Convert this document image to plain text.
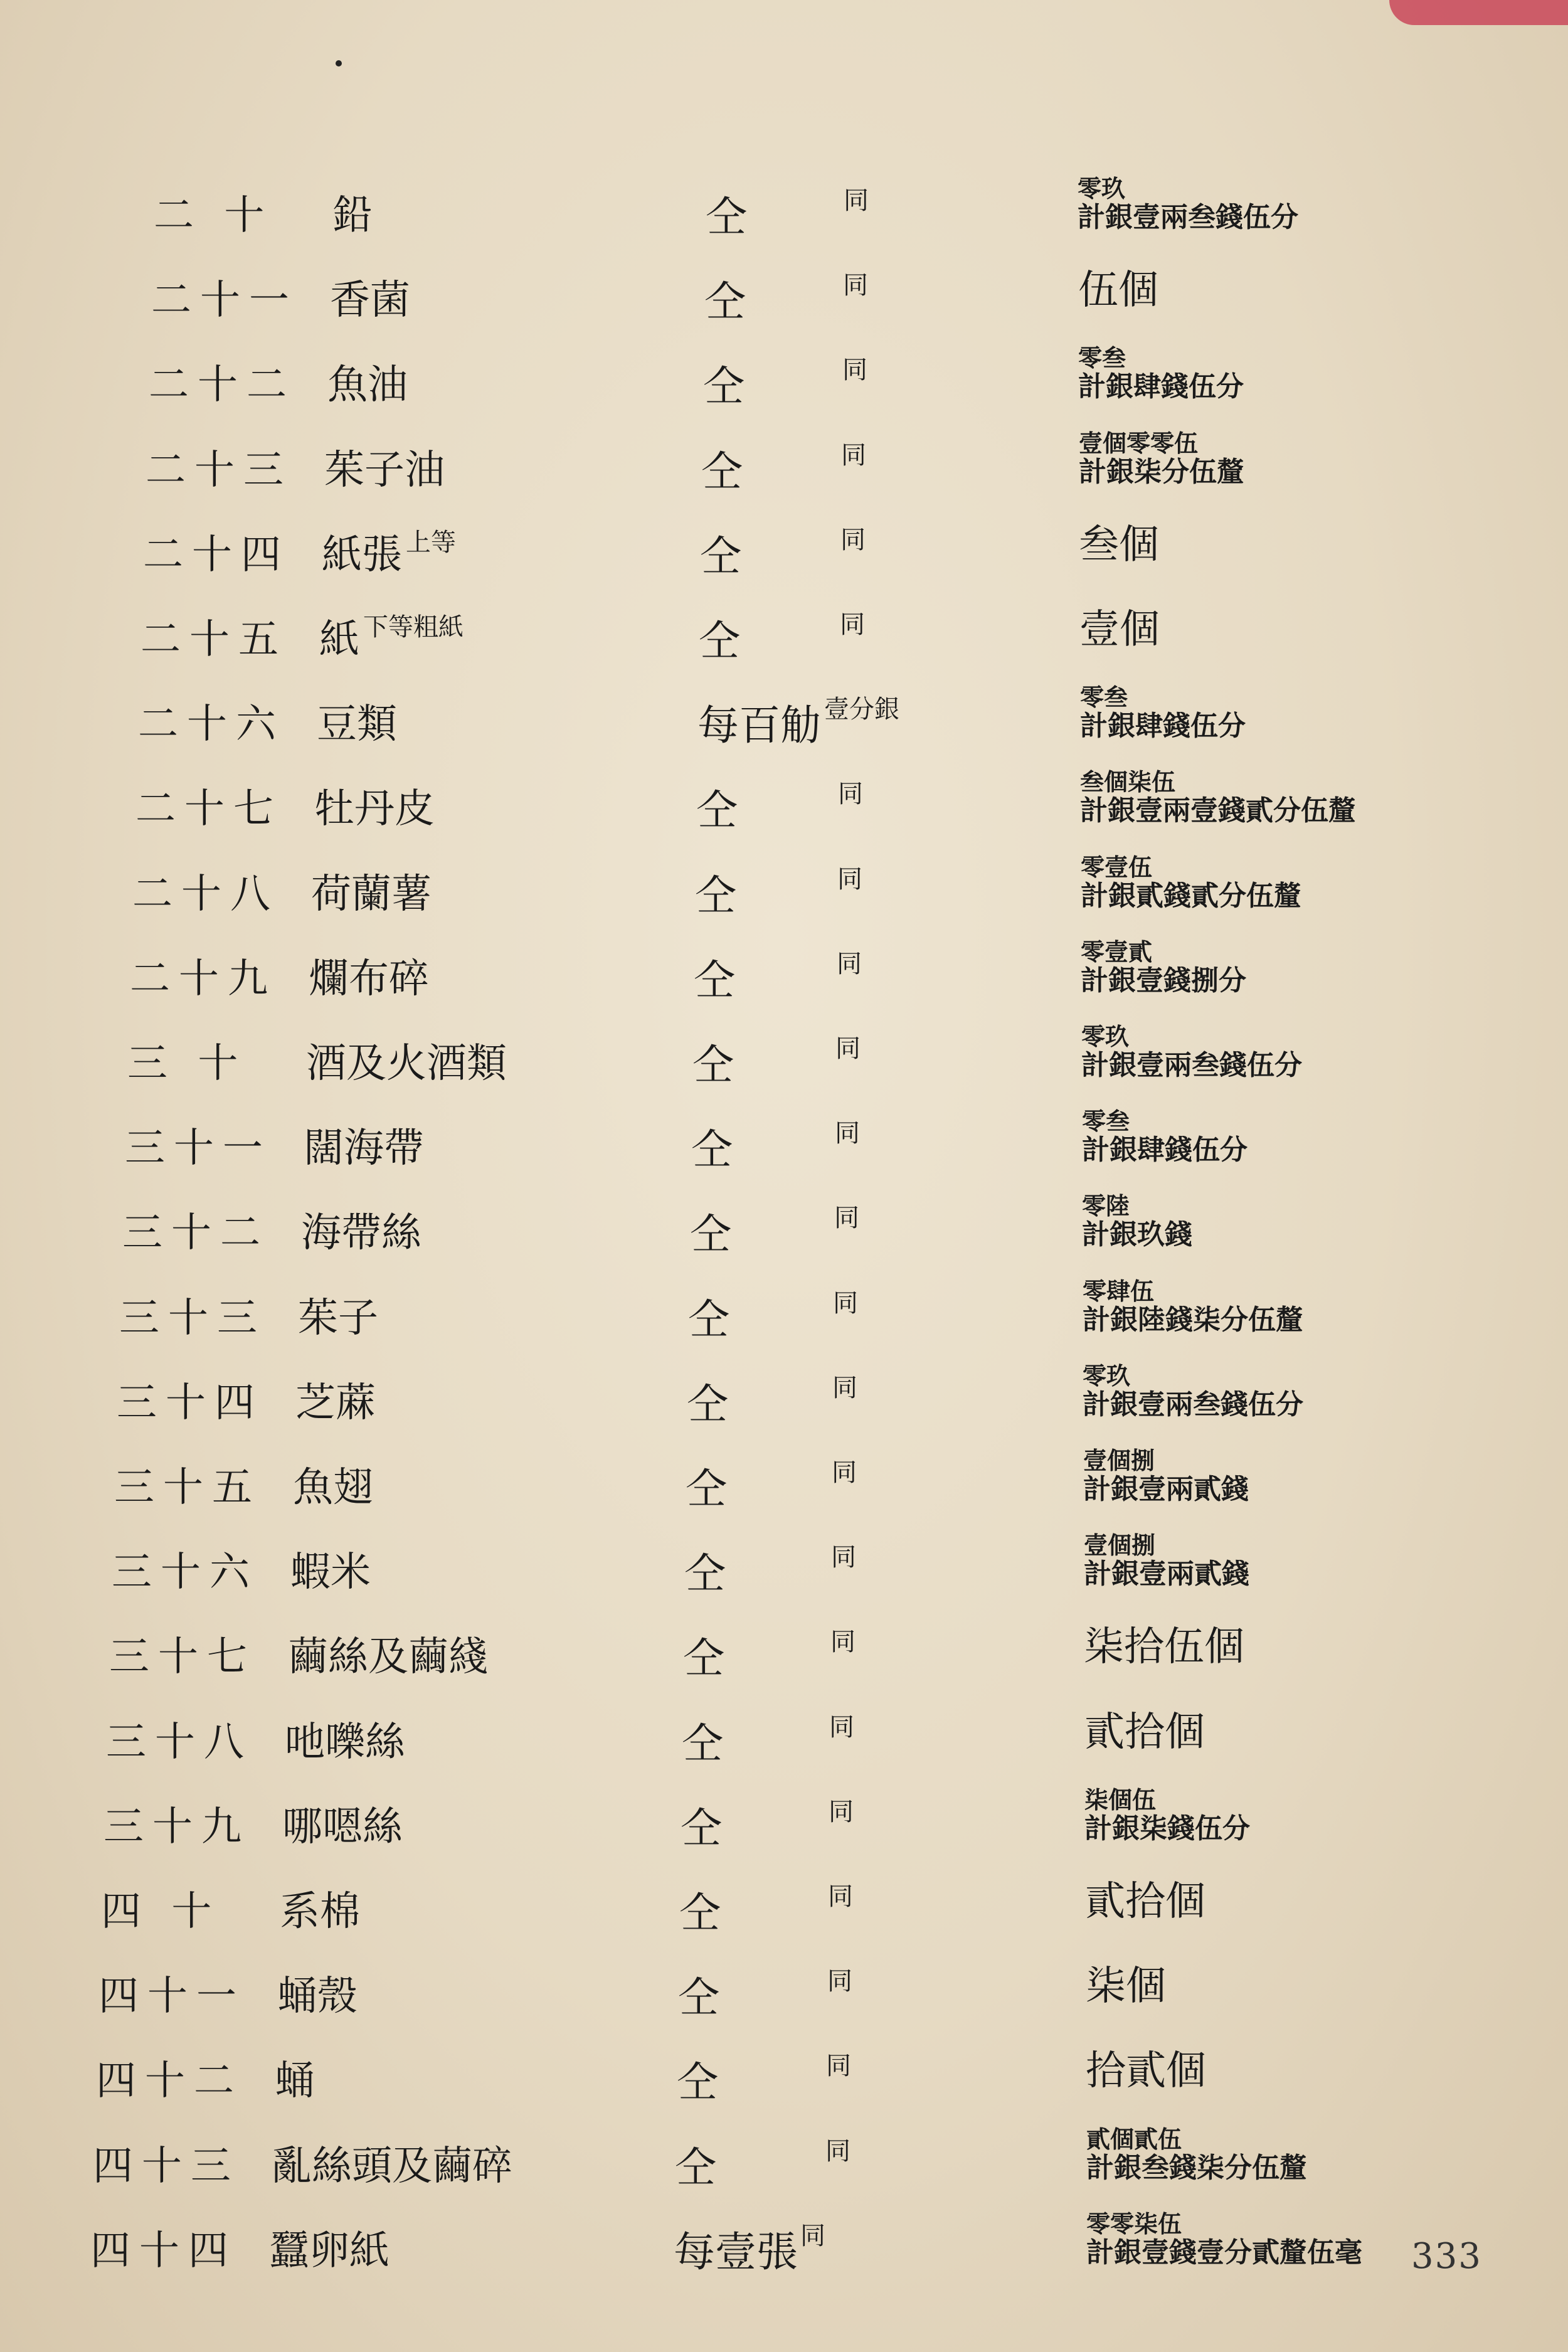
二 十 鉛	仝	同	零玖
計銀壹兩叁錢伍分
二十一 香菌	仝	同	伍個
二十二 魚油	仝	同	零叁
計銀肆錢伍分
二十三 茱子油	仝	同	壹個零零伍
計銀柒分伍釐
二十四 紙張 $^{上等}$	仝	同	叁個
二十五 紙 $^{下等粗紙}$	仝	同	壹個
二十六 豆類	每百觔 壹分銀	零叁
計銀肆錢伍分
二十七 牡丹皮	仝	同	叁個柒伍
計銀壹兩壹錢貳分伍釐
二十八 荷蘭薯	仝	同	零壹伍
計銀貳錢貳分伍釐
二十九 爛布碎	仝	同	零壹貳
計銀壹錢捌分
三 十 酒及火酒類	仝	同	零玖
計銀壹兩叁錢伍分
三十一 闊海帶	仝	同	零叁
計銀肆錢伍分
三十二 海帶絲	仝	同	零陸
計銀玖錢
三十三 茱子	仝	同	零肆伍
計銀陸錢柒分伍釐
三十四 芝蔴	仝	同	零玖
計銀壹兩叁錢伍分
三十五 魚翅	仝	同	壹個捌
計銀壹兩貳錢
三十六 蝦米	仝	同	壹個捌
計銀壹兩貳錢
三十七 繭絲及繭綫	仝	同	柒拾伍個
三十八 吔嚛絲	仝	同	貳拾個
三十九 哪嗯絲	仝	同	柒個伍
計銀柒錢伍分
四 十 系棉	仝	同	貳拾個
四十一 蛹殼	仝	同	柒個
四十二 蛹	仝	同	拾貳個
四十三 亂絲頭及繭碎	仝	同	貳個貳伍
計銀叁錢柒分伍釐
四十四 蠶卵紙	每壹張 同	零零柒伍
計銀壹錢壹分貳釐伍毫 333
